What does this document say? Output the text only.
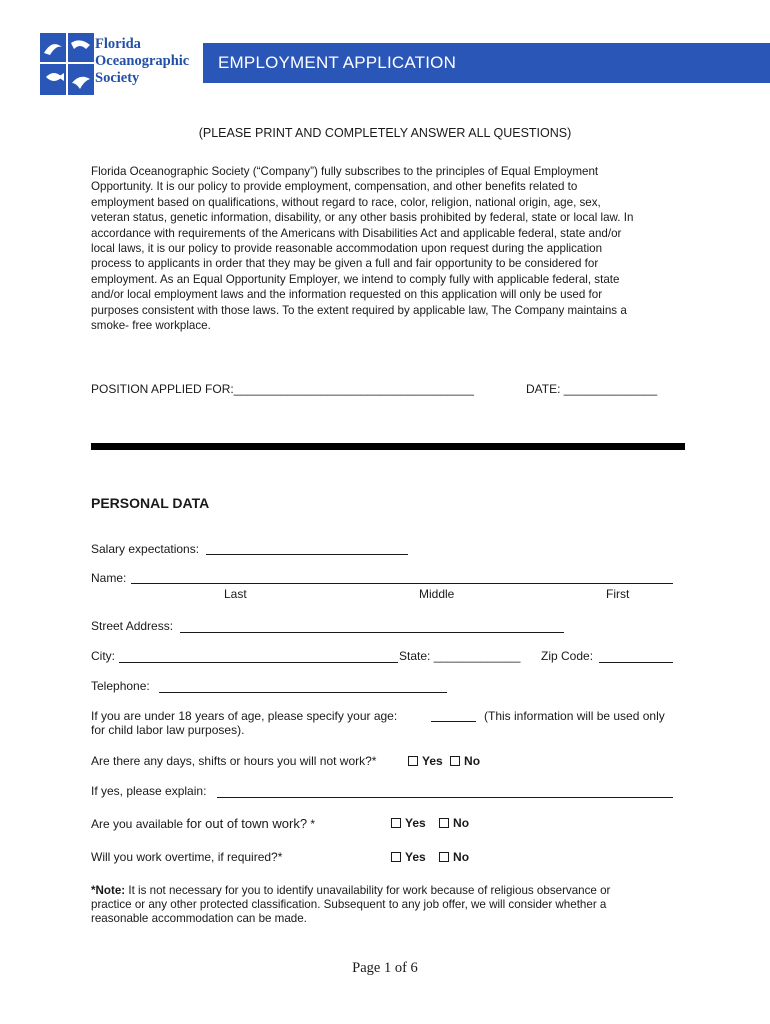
Florida
Oceanographic
Society
EMPLOYMENT APPLICATION
(PLEASE PRINT AND COMPLETELY ANSWER ALL QUESTIONS)
Florida Oceanographic Society (“Company”) fully subscribes to the principles of Equal Employment
Opportunity. It is our policy to provide employment, compensation, and other benefits related to
employment based on qualifications, without regard to race, color, religion, national origin, age, sex,
veteran status, genetic information, disability, or any other basis prohibited by federal, state or local law. In
accordance with requirements of the Americans with Disabilities Act and applicable federal, state and/or
local laws, it is our policy to provide reasonable accommodation upon request during the application
process to applicants in order that they may be given a full and fair opportunity to be considered for
employment. As an Equal Opportunity Employer, we intend to comply fully with applicable federal, state
and/or local employment laws and the information requested on this application will only be used for
purposes consistent with those laws. To the extent required by applicable law, The Company maintains a
smoke- free workplace.
POSITION APPLIED FOR:____________________________________	DATE: ______________
PERSONAL DATA
Salary expectations:
Name:
Last	Middle	First
Street Address:
City:	State: _____________ Zip Code:
Telephone:
If you are under 18 years of age, please specify your age:	(This information will be used only
for child labor law purposes).
Are there any days, shifts or hours you will not work?*	Yes No
If yes, please explain:
Are you available for out of town work? *	Yes No
Will you work overtime, if required?*	Yes No
*Note: It is not necessary for you to identify unavailability for work because of religious observance or
practice or any other protected classification. Subsequent to any job offer, we will consider whether a
reasonable accommodation can be made.
Page 1 of 6
